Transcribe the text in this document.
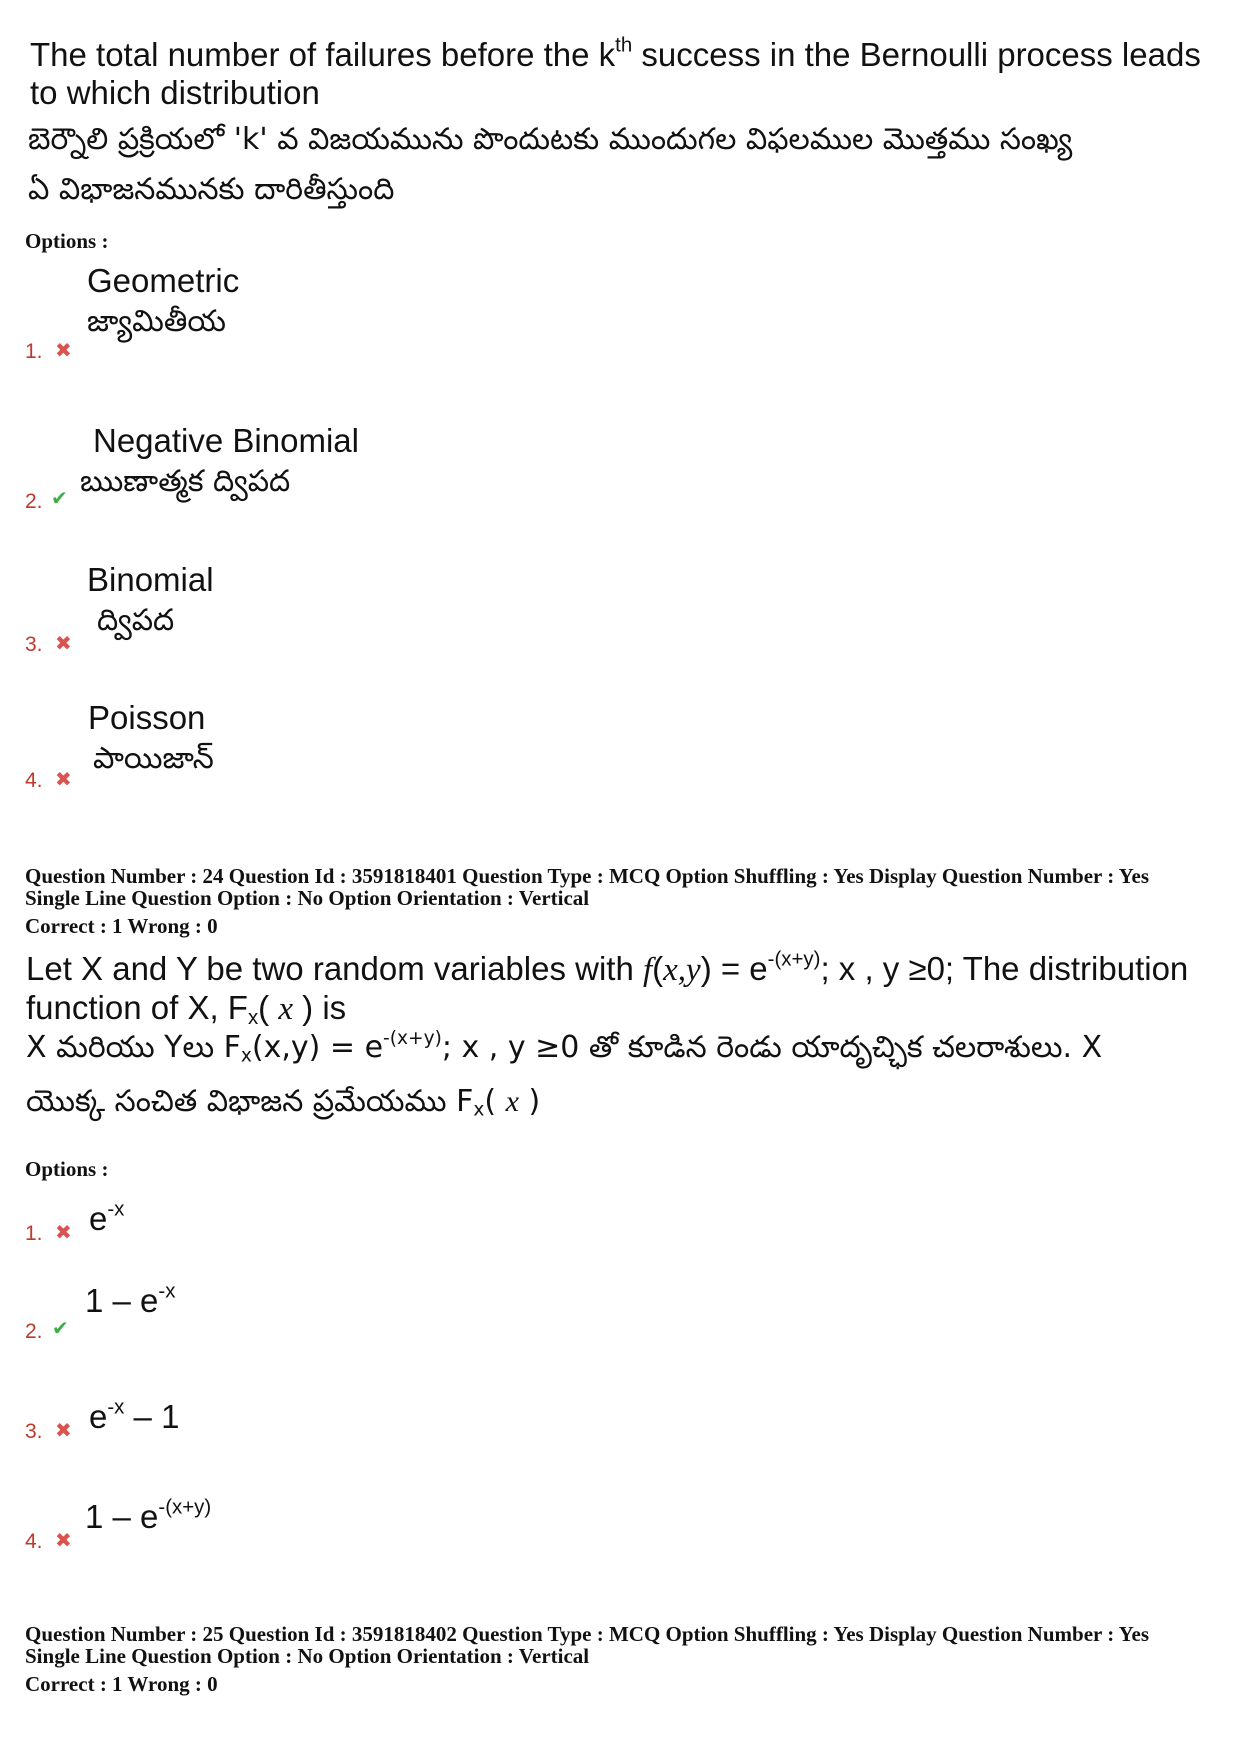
The total number of failures before the $k^{th}$ success in the Bernoulli process leads
to which distribution
బెర్నౌలి ప్రక్రియలో 'k' వ విజయమును పొందుటకు ముందుగల విఫలముల మొత్తము సంఖ్య
ఏ విభాజనమునకు దారితీస్తుంది
Options :
1. ✖
Geometric
జ్యామితీయ
2. ✔
Negative Binomial
ఋణాత్మక ద్విపద
3. ✖
Binomial
ద్విపద
4. ✖
Poisson
పాయిజాన్
Question Number : 24 Question Id : 3591818401 Question Type : MCQ Option Shuffling : Yes Display Question Number : Yes
Single Line Question Option : No Option Orientation : Vertical
Correct : 1 Wrong : 0
Let X and Y be two random variables with $f(x,y) = e^{-(x+y)}$; x , y ≥0; The distribution
function of X, $F_x$( x ) is
X మరియు Yలు $F_x(x,y) = e^{-(x+y)}$; x , y ≥0 తో కూడిన రెండు యాదృచ్ఛిక చలరాశులు. X
యొక్క సంచిత విభాజన ప్రమేయము $F_x$( x )
Options :
1. ✖ $e^{-x}$
2. ✔
$1 - e^{-x}$
3. ✖ $e^{-x} - 1$
4. ✖
$1 - e^{-(x+y)}$
Question Number : 25 Question Id : 3591818402 Question Type : MCQ Option Shuffling : Yes Display Question Number : Yes
Single Line Question Option : No Option Orientation : Vertical
Correct : 1 Wrong : 0
